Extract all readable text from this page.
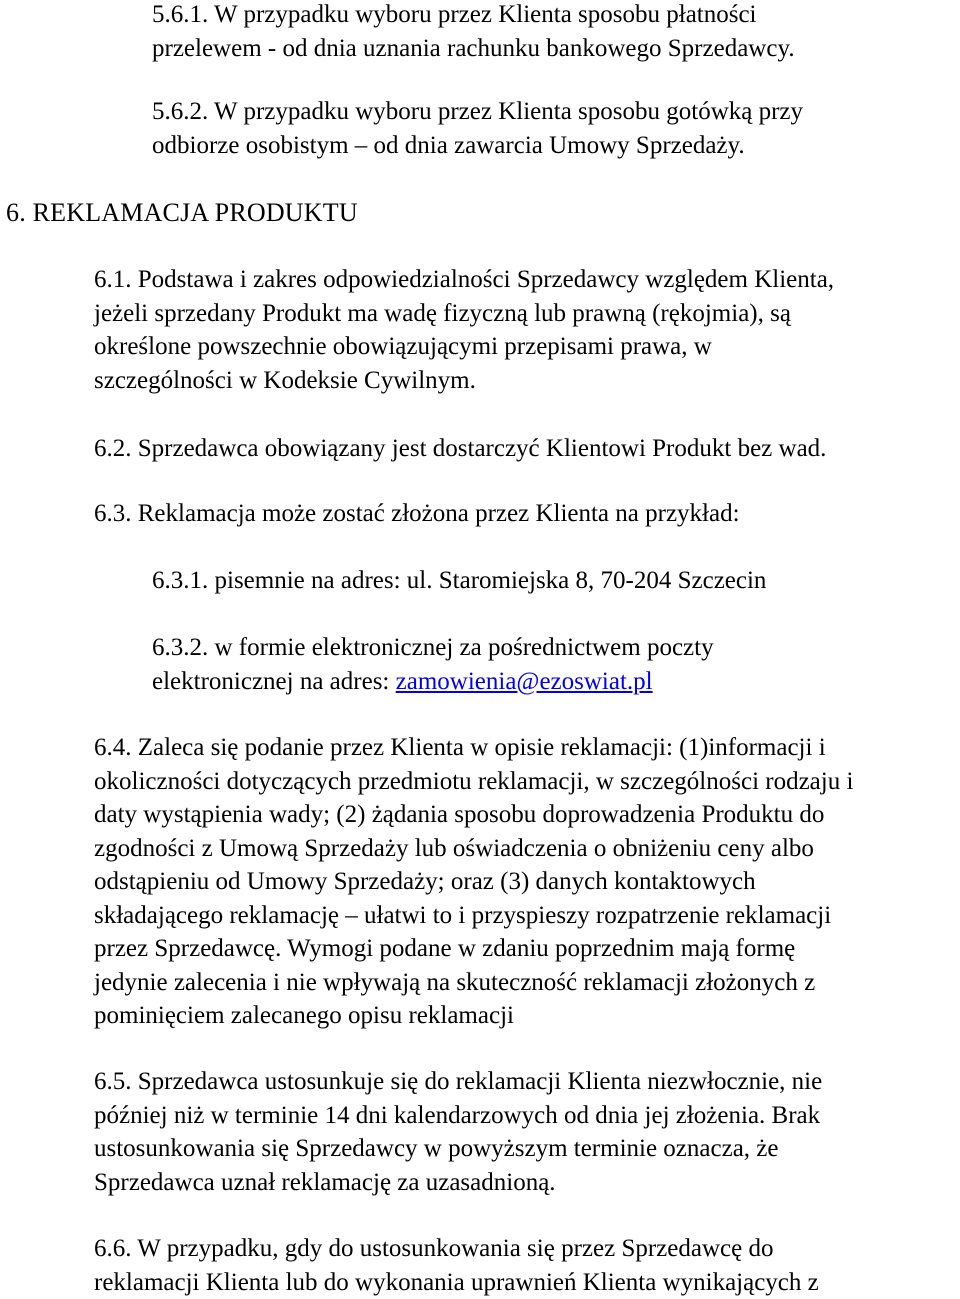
5.6.1. W przypadku wyboru przez Klienta sposobu płatności
przelewem - od dnia uznania rachunku bankowego Sprzedawcy.

5.6.2. W przypadku wyboru przez Klienta sposobu gotówką przy
odbiorze osobistym – od dnia zawarcia Umowy Sprzedaży.

6. REKLAMACJA PRODUKTU

6.1. Podstawa i zakres odpowiedzialności Sprzedawcy względem Klienta,
jeżeli sprzedany Produkt ma wadę fizyczną lub prawną (rękojmia), są
określone powszechnie obowiązującymi przepisami prawa, w
szczególności w Kodeksie Cywilnym.

6.2. Sprzedawca obowiązany jest dostarczyć Klientowi Produkt bez wad.

6.3. Reklamacja może zostać złożona przez Klienta na przykład:

6.3.1. pisemnie na adres: ul. Staromiejska 8, 70-204 Szczecin

6.3.2. w formie elektronicznej za pośrednictwem poczty
elektronicznej na adres: zamowienia@ezoswiat.pl

6.4. Zaleca się podanie przez Klienta w opisie reklamacji: (1)informacji i
okoliczności dotyczących przedmiotu reklamacji, w szczególności rodzaju i
daty wystąpienia wady; (2) żądania sposobu doprowadzenia Produktu do
zgodności z Umową Sprzedaży lub oświadczenia o obniżeniu ceny albo
odstąpieniu od Umowy Sprzedaży; oraz (3) danych kontaktowych
składającego reklamację – ułatwi to i przyspieszy rozpatrzenie reklamacji
przez Sprzedawcę. Wymogi podane w zdaniu poprzednim mają formę
jedynie zalecenia i nie wpływają na skuteczność reklamacji złożonych z
pominięciem zalecanego opisu reklamacji

6.5. Sprzedawca ustosunkuje się do reklamacji Klienta niezwłocznie, nie
później niż w terminie 14 dni kalendarzowych od dnia jej złożenia. Brak
ustosunkowania się Sprzedawcy w powyższym terminie oznacza, że
Sprzedawca uznał reklamację za uzasadnioną.

6.6. W przypadku, gdy do ustosunkowania się przez Sprzedawcę do
reklamacji Klienta lub do wykonania uprawnień Klienta wynikających z
